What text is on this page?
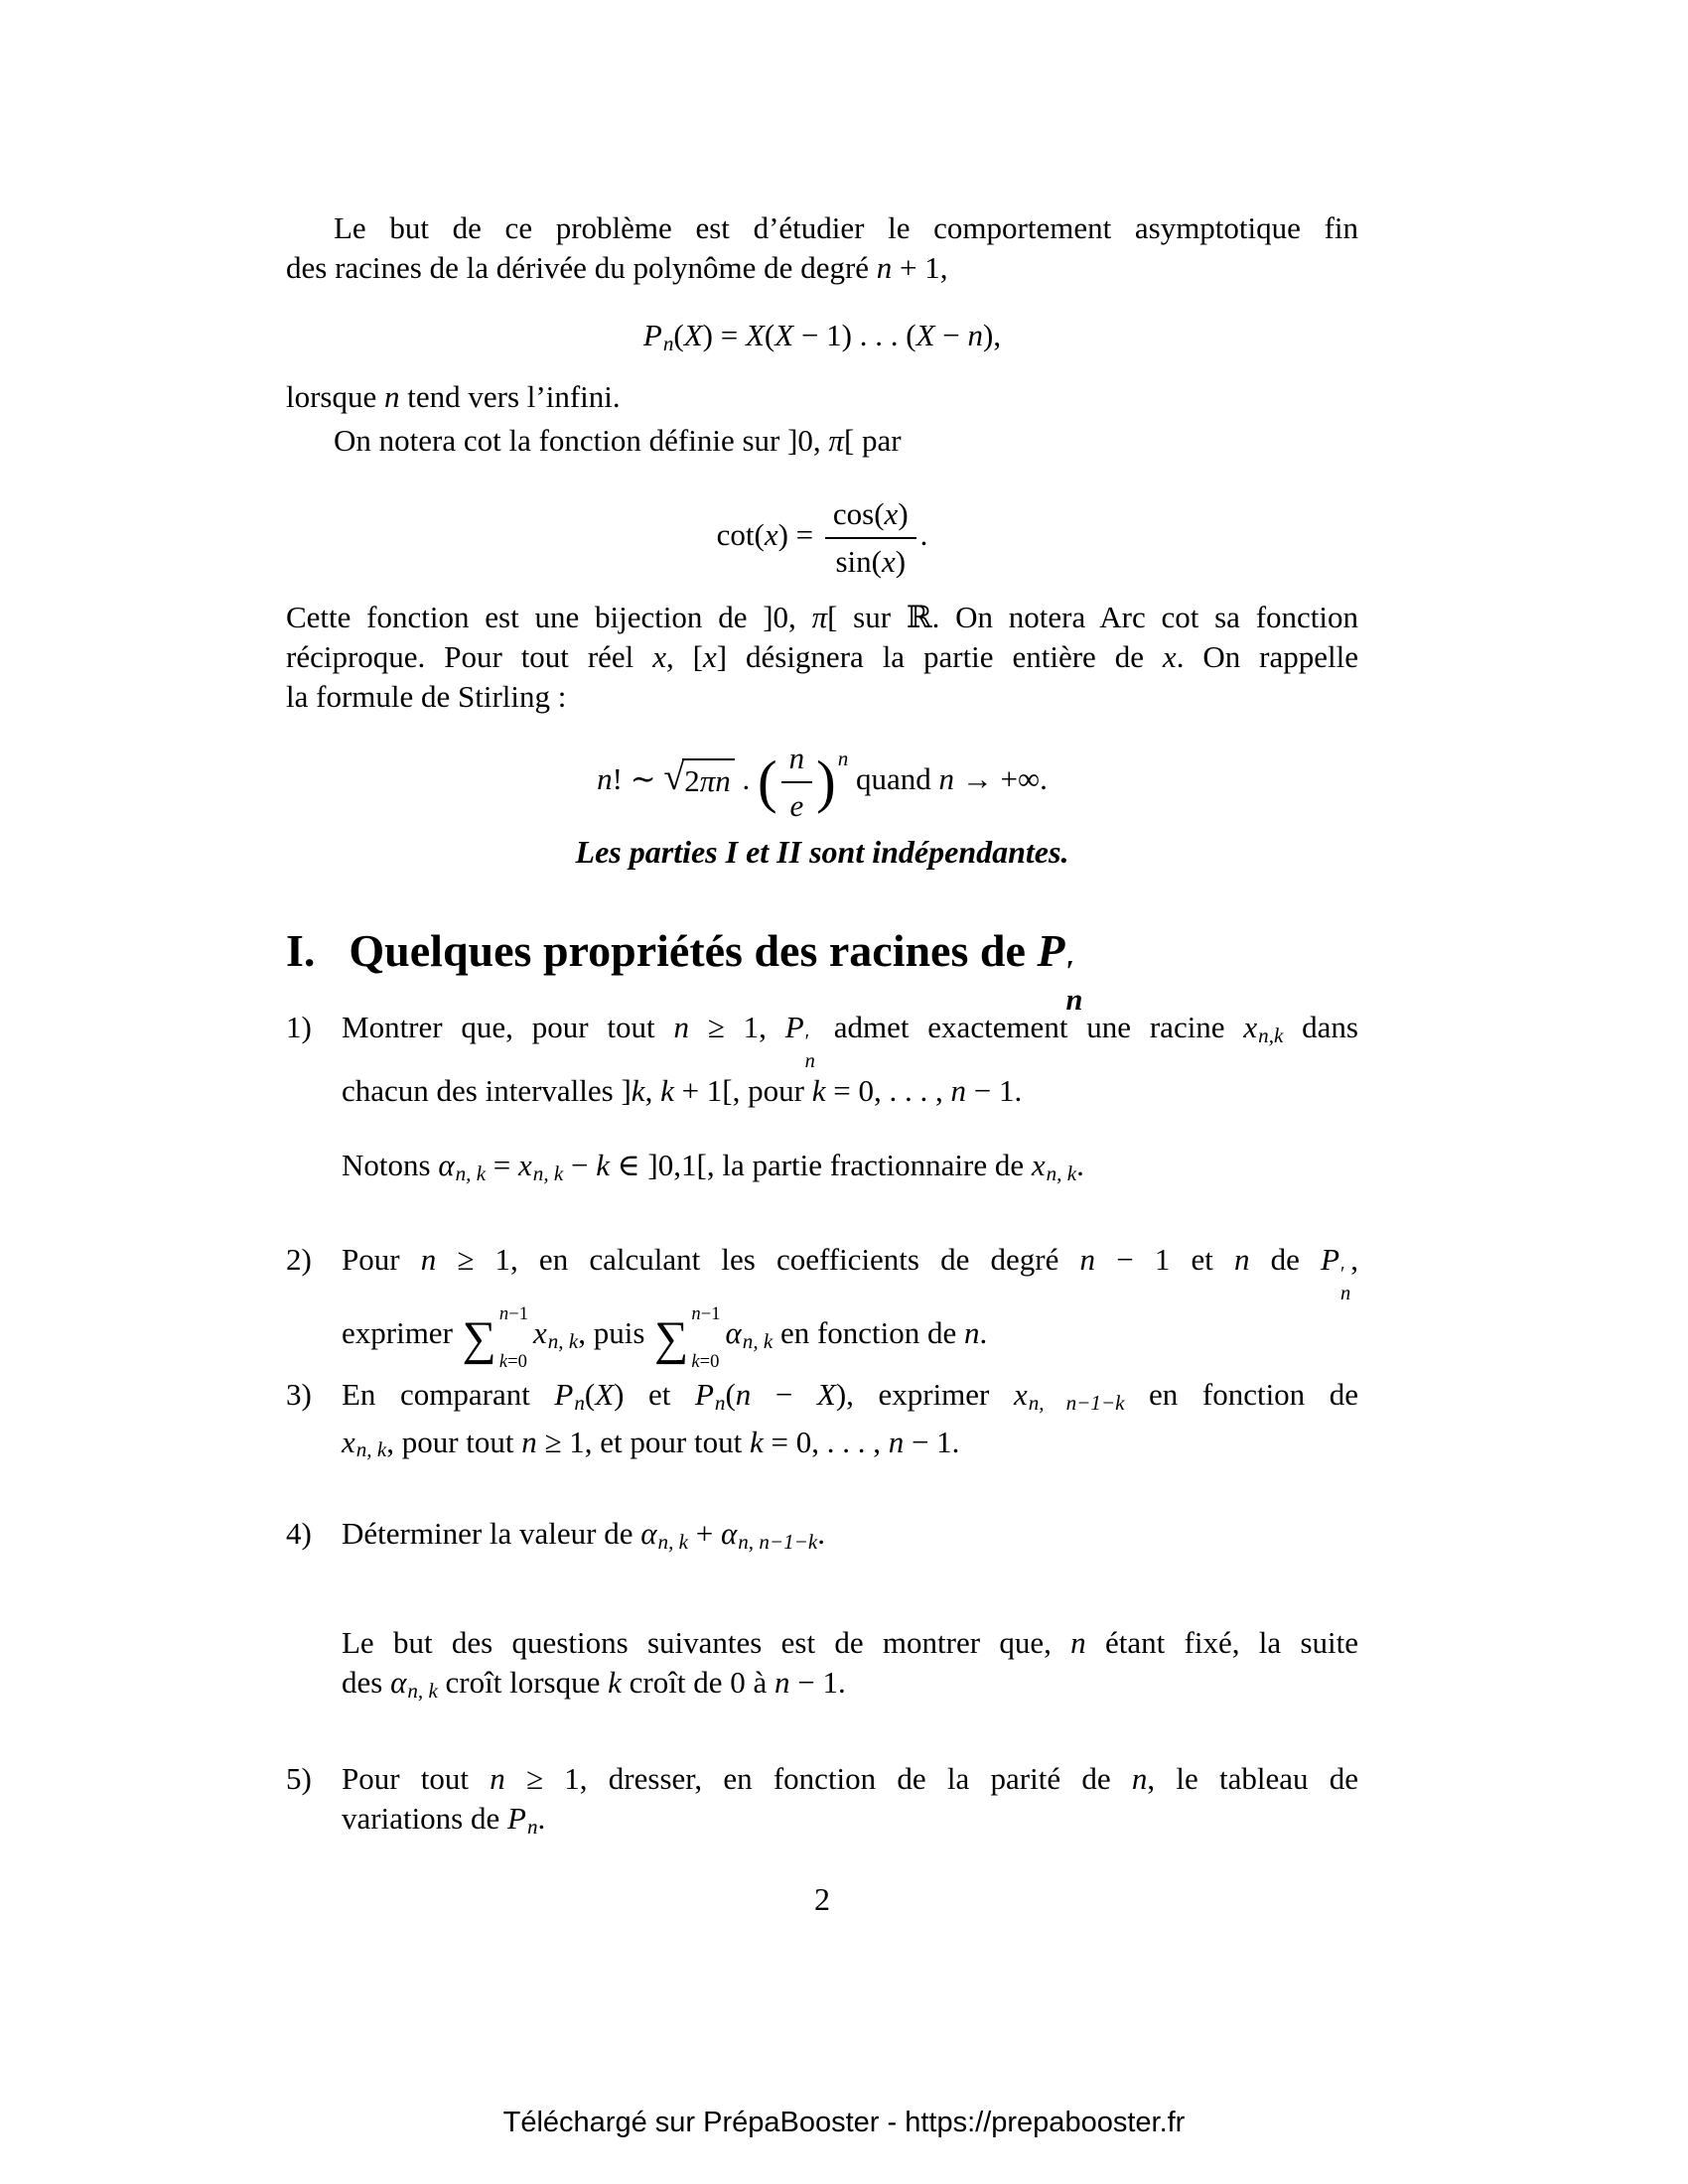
Le but de ce problème est d’étudier le comportement asymptotique fin
des racines de la dérivée du polynôme de degré n + 1,
Pn(X) = X(X − 1) . . . (X − n),
lorsque n tend vers l’infini.
On notera cot la fonction définie sur ]0, π[ par
$\cot(x) = \frac{\cos(x)}{\sin(x)}$ .
Cette fonction est une bijection de ]0, π[ sur ℝ. On notera Arc cot sa fonction
réciproque. Pour tout réel x, [x] désignera la partie entière de x. On rappelle
la formule de Stirling :
n! ∼ √ 2πn . ( $\frac{n}{e} )^n$ quand n → +∞.
Les parties I et II sont indépendantes.
I. Quelques propriétés des racines de P ′
n
1) Montrer que, pour tout n ≥ 1, P ′
n
admet exactement une racine xn,k dans
chacun des intervalles ]k, k + 1[, pour k = 0, . . . , n − 1.
Notons αn, k = xn, k − k ∈ ]0,1[, la partie fractionnaire de xn, k.
2) Pour n ≥ 1, en calculant les coefficients de degré n − 1 et n de P ′
n
,
exprimer ∑ n−1
k=0
xn, k, puis ∑ n−1
k=0
αn, k en fonction de n.
3) En comparant Pn(X) et Pn(n − X), exprimer xn, n−1−k en fonction de
xn, k, pour tout n ≥ 1, et pour tout k = 0, . . . , n − 1.
4) Déterminer la valeur de αn, k + αn, n−1−k.
Le but des questions suivantes est de montrer que, n étant fixé, la suite
des αn, k croît lorsque k croît de 0 à n − 1.
5) Pour tout n ≥ 1, dresser, en fonction de la parité de n, le tableau de
variations de Pn.
2
Téléchargé sur PrépaBooster - https://prepabooster.fr
